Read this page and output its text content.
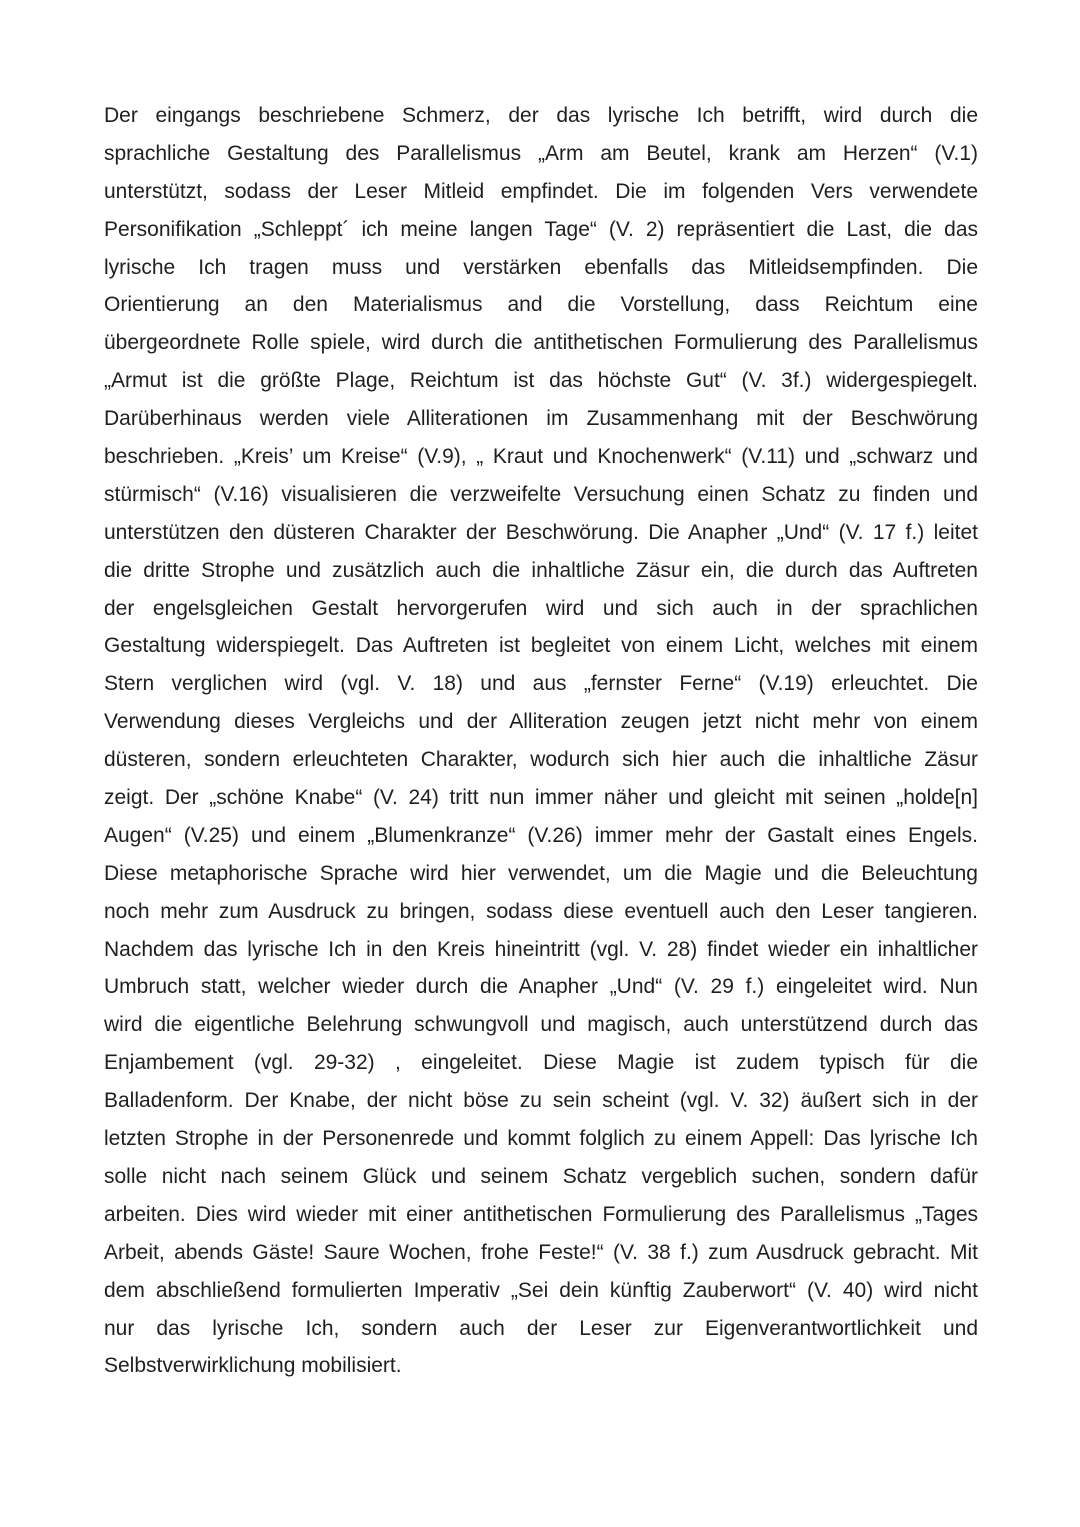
Der eingangs beschriebene Schmerz, der das lyrische Ich betrifft, wird durch die
sprachliche Gestaltung des Parallelismus „Arm am Beutel, krank am Herzen“ (V.1)
unterstützt, sodass der Leser Mitleid empfindet. Die im folgenden Vers verwendete
Personifikation „Schleppt´ ich meine langen Tage“ (V. 2) repräsentiert die Last, die das
lyrische Ich tragen muss und verstärken ebenfalls das Mitleidsempfinden. Die
Orientierung an den Materialismus and die Vorstellung, dass Reichtum eine
übergeordnete Rolle spiele, wird durch die antithetischen Formulierung des Parallelismus
„Armut ist die größte Plage, Reichtum ist das höchste Gut“ (V. 3f.) widergespiegelt.
Darüberhinaus werden viele Alliterationen im Zusammenhang mit der Beschwörung
beschrieben. „Kreis’ um Kreise“ (V.9), „ Kraut und Knochenwerk“ (V.11) und „schwarz und
stürmisch“ (V.16) visualisieren die verzweifelte Versuchung einen Schatz zu finden und
unterstützen den düsteren Charakter der Beschwörung. Die Anapher „Und“ (V. 17 f.) leitet
die dritte Strophe und zusätzlich auch die inhaltliche Zäsur ein, die durch das Auftreten
der engelsgleichen Gestalt hervorgerufen wird und sich auch in der sprachlichen
Gestaltung widerspiegelt. Das Auftreten ist begleitet von einem Licht, welches mit einem
Stern verglichen wird (vgl. V. 18) und aus „fernster Ferne“ (V.19) erleuchtet. Die
Verwendung dieses Vergleichs und der Alliteration zeugen jetzt nicht mehr von einem
düsteren, sondern erleuchteten Charakter, wodurch sich hier auch die inhaltliche Zäsur
zeigt. Der „schöne Knabe“ (V. 24) tritt nun immer näher und gleicht mit seinen „holde[n]
Augen“ (V.25) und einem „Blumenkranze“ (V.26) immer mehr der Gastalt eines Engels.
Diese metaphorische Sprache wird hier verwendet, um die Magie und die Beleuchtung
noch mehr zum Ausdruck zu bringen, sodass diese eventuell auch den Leser tangieren.
Nachdem das lyrische Ich in den Kreis hineintritt (vgl. V. 28) findet wieder ein inhaltlicher
Umbruch statt, welcher wieder durch die Anapher „Und“ (V. 29 f.) eingeleitet wird. Nun
wird die eigentliche Belehrung schwungvoll und magisch, auch unterstützend durch das
Enjambement (vgl. 29-32) , eingeleitet. Diese Magie ist zudem typisch für die
Balladenform. Der Knabe, der nicht böse zu sein scheint (vgl. V. 32) äußert sich in der
letzten Strophe in der Personenrede und kommt folglich zu einem Appell: Das lyrische Ich
solle nicht nach seinem Glück und seinem Schatz vergeblich suchen, sondern dafür
arbeiten. Dies wird wieder mit einer antithetischen Formulierung des Parallelismus „Tages
Arbeit, abends Gäste! Saure Wochen, frohe Feste!“ (V. 38 f.) zum Ausdruck gebracht. Mit
dem abschließend formulierten Imperativ „Sei dein künftig Zauberwort“ (V. 40) wird nicht
nur das lyrische Ich, sondern auch der Leser zur Eigenverantwortlichkeit und
Selbstverwirklichung mobilisiert.
